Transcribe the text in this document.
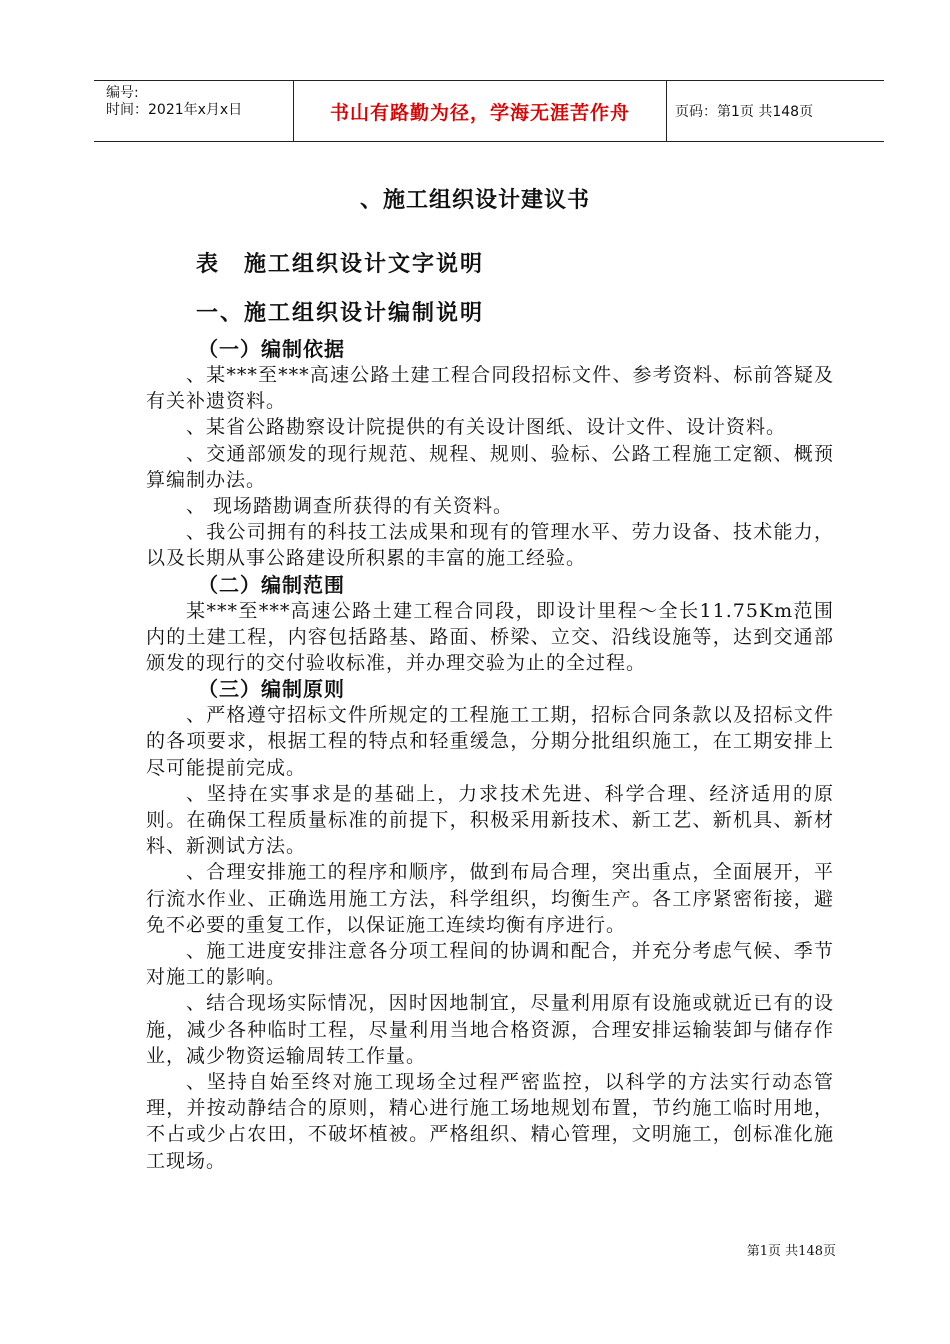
编号:
时间：2021年x月x日	书山有路勤为径，学海无涯苦作舟	页码：第1页 共148页
、施工组织设计建议书
表　施工组织设计文字说明
一、施工组织设计编制说明

（一）编制依据

、某***至***高速公路土建工程合同段招标文件、参考资料、标前答疑及有关补遗资料。

、某省公路勘察设计院提供的有关设计图纸、设计文件、设计资料。

、交通部颁发的现行规范、规程、规则、验标、公路工程施工定额、概预算编制办法。

、 现场踏勘调查所获得的有关资料。

、我公司拥有的科技工法成果和现有的管理水平、劳力设备、技术能力，以及长期从事公路建设所积累的丰富的施工经验。

（二）编制范围

某***至***高速公路土建工程合同段，即设计里程～全长11.75Km范围内的土建工程，内容包括路基、路面、桥梁、立交、沿线设施等，达到交通部颁发的现行的交付验收标准，并办理交验为止的全过程。

（三）编制原则

、严格遵守招标文件所规定的工程施工工期，招标合同条款以及招标文件的各项要求，根据工程的特点和轻重缓急，分期分批组织施工，在工期安排上尽可能提前完成。

、坚持在实事求是的基础上，力求技术先进、科学合理、经济适用的原则。在确保工程质量标准的前提下，积极采用新技术、新工艺、新机具、新材料、新测试方法。

、合理安排施工的程序和顺序，做到布局合理，突出重点，全面展开，平行流水作业、正确选用施工方法，科学组织，均衡生产。各工序紧密衔接，避免不必要的重复工作，以保证施工连续均衡有序进行。

、施工进度安排注意各分项工程间的协调和配合，并充分考虑气候、季节对施工的影响。

、结合现场实际情况，因时因地制宜，尽量利用原有设施或就近已有的设施，减少各种临时工程，尽量利用当地合格资源，合理安排运输装卸与储存作业，减少物资运输周转工作量。

、坚持自始至终对施工现场全过程严密监控，以科学的方法实行动态管理，并按动静结合的原则，精心进行施工场地规划布置，节约施工临时用地，不占或少占农田，不破坏植被。严格组织、精心管理，文明施工，创标准化施工现场。

第1页 共148页
